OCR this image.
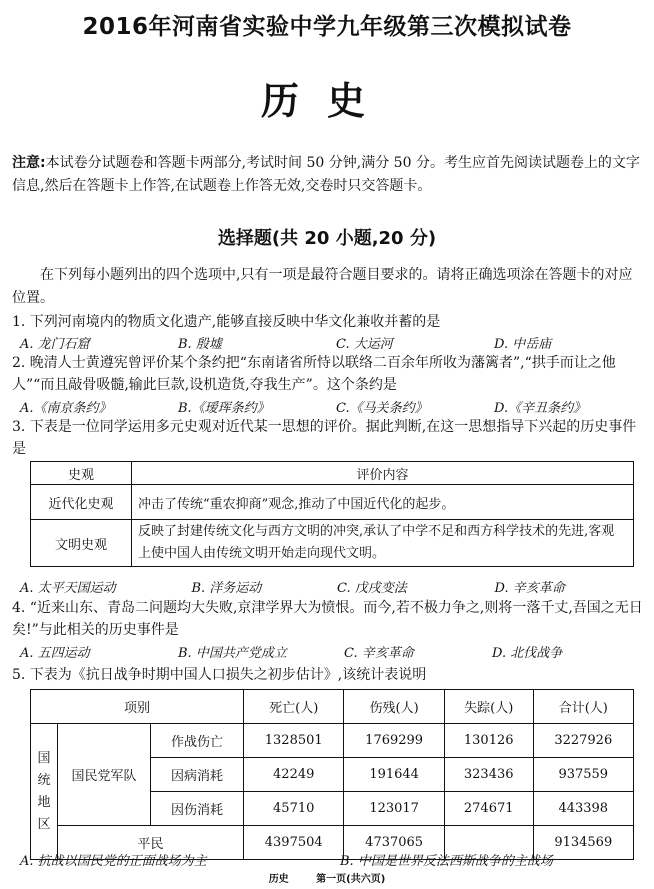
2016年河南省实验中学九年级第三次模拟试卷
历史
注意:本试卷分试题卷和答题卡两部分,考试时间 50 分钟,满分 50 分。考生应首先阅读试题卷上的文字信息,然后在答题卡上作答,在试题卷上作答无效,交卷时只交答题卡。
选择题(共 20 小题,20 分)
在下列每小题列出的四个选项中,只有一项是最符合题目要求的。请将正确选项涂在答题卡的对应位置。
1. 下列河南境内的物质文化遗产,能够直接反映中华文化兼收并蓄的是
A. 龙门石窟	B. 殷墟	C. 大运河	D. 中岳庙
2. 晚清人士黄遵宪曾评价某个条约把“东南诸省所恃以联络二百余年所收为藩篱者”,“拱手而让之他人”“而且敲骨吸髓,输此巨款,设机造货,夺我生产”。这个条约是
A.《南京条约》	B.《瑷珲条约》	C.《马关条约》	D.《辛丑条约》
3. 下表是一位同学运用多元史观对近代某一思想的评价。据此判断,在这一思想指导下兴起的历史事件是
史观	评价内容
近代化史观	冲击了传统“重农抑商”观念,推动了中国近代化的起步。
文明史观	反映了封建传统文化与西方文明的冲突,承认了中学不足和西方科学技术的先进,客观上使中国人由传统文明开始走向现代文明。
A. 太平天国运动	B. 洋务运动	C. 戊戌变法	D. 辛亥革命
4. “近来山东、青岛二问题均大失败,京津学界大为愤恨。而今,若不极力争之,则将一落千丈,吾国之无日矣!”与此相关的历史事件是
A. 五四运动	B. 中国共产党成立	C. 辛亥革命	D. 北伐战争
5. 下表为《抗日战争时期中国人口损失之初步估计》,该统计表说明
项别			死亡(人)	伤残(人)	失踪(人)	合计(人)
国统地区	国民党军队	作战伤亡	1328501	1769299	130126	3227926
		因病消耗	42249	191644	323436	937559
		因伤消耗	45710	123017	274671	443398
	平民		4397504	4737065		9134569
A. 抗战以国民党的正面战场为主	B. 中国是世界反法西斯战争的主战场
历史	第一页(共六页)
